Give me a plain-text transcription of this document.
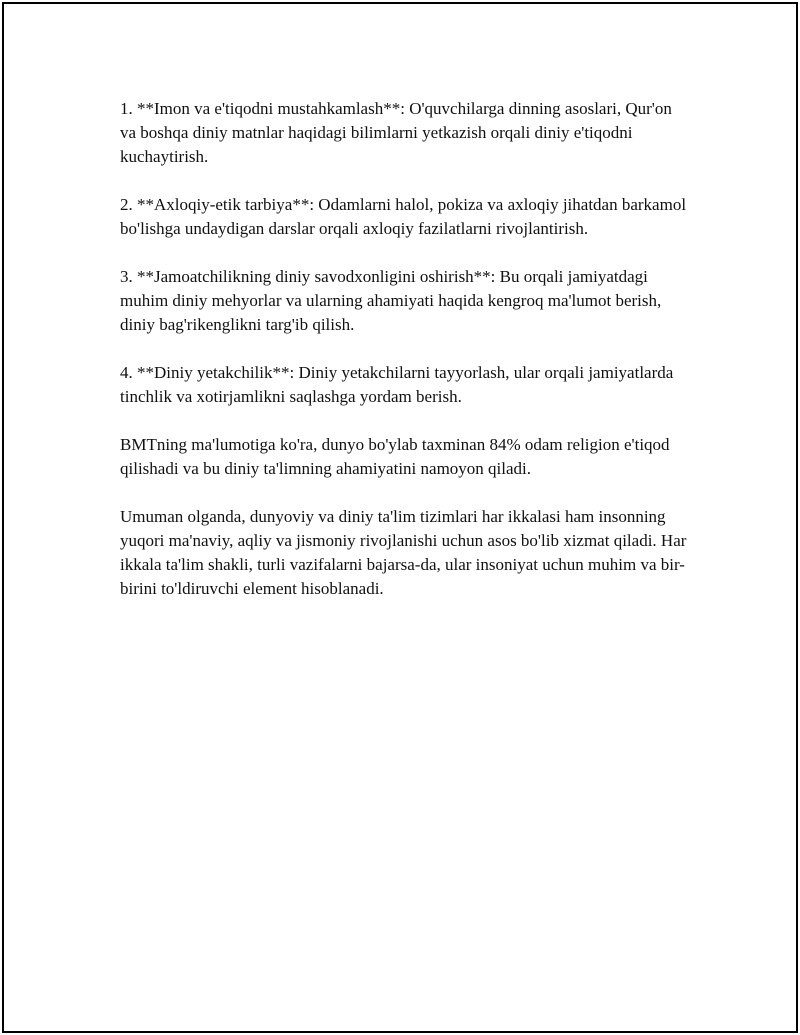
1. **Imon va e'tiqodni mustahkamlash**: O'quvchilarga dinning asoslari, Qur'on va boshqa diniy matnlar haqidagi bilimlarni yetkazish orqali diniy e'tiqodni kuchaytirish.

2. **Axloqiy-etik tarbiya**: Odamlarni halol, pokiza va axloqiy jihatdan barkamol bo'lishga undaydigan darslar orqali axloqiy fazilatlarni rivojlantirish.

3. **Jamoatchilikning diniy savodxonligini oshirish**: Bu orqali jamiyatdagi muhim diniy mehyorlar va ularning ahamiyati haqida kengroq ma'lumot berish, diniy bag'rikenglikni targ'ib qilish.

4. **Diniy yetakchilik**: Diniy yetakchilarni tayyorlash, ular orqali jamiyatlarda tinchlik va xotirjamlikni saqlashga yordam berish.

BMTning ma'lumotiga ko'ra, dunyo bo'ylab taxminan 84% odam religion e'tiqod qilishadi va bu diniy ta'limning ahamiyatini namoyon qiladi.

Umuman olganda, dunyoviy va diniy ta'lim tizimlari har ikkalasi ham insonning yuqori ma'naviy, aqliy va jismoniy rivojlanishi uchun asos bo'lib xizmat qiladi. Har ikkala ta'lim shakli, turli vazifalarni bajarsa-da, ular insoniyat uchun muhim va bir-birini to'ldiruvchi element hisoblanadi.
